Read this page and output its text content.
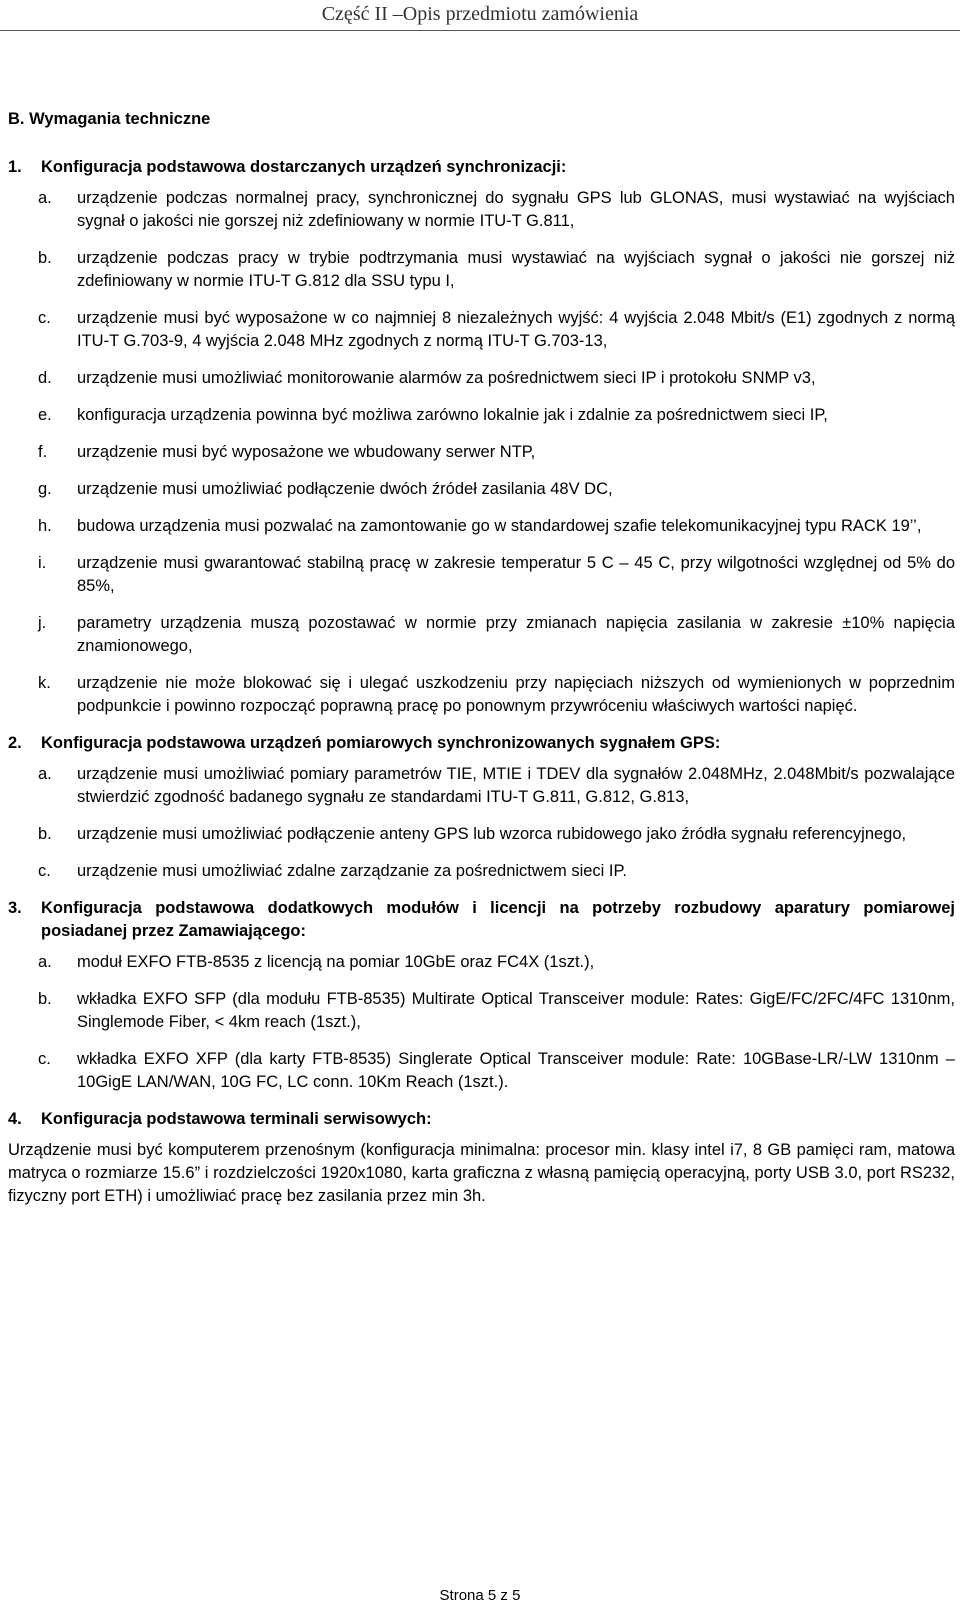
Część II –Opis przedmiotu zamówienia
B. Wymagania techniczne
1.	Konfiguracja podstawowa dostarczanych urządzeń synchronizacji:
a.	urządzenie podczas normalnej pracy, synchronicznej do sygnału GPS lub GLONAS, musi wystawiać na wyjściach sygnał o jakości nie gorszej niż zdefiniowany w normie ITU-T G.811,
b.	urządzenie podczas pracy w trybie podtrzymania musi wystawiać na wyjściach sygnał o jakości nie gorszej niż zdefiniowany w normie ITU-T G.812 dla SSU typu I,
c.	urządzenie musi być wyposażone w co najmniej 8 niezależnych wyjść: 4 wyjścia 2.048 Mbit/s (E1) zgodnych z normą ITU-T G.703-9, 4 wyjścia 2.048 MHz zgodnych z normą ITU-T G.703-13,
d.	urządzenie musi umożliwiać monitorowanie alarmów za pośrednictwem sieci IP i protokołu SNMP v3,
e.	konfiguracja urządzenia powinna być możliwa zarówno lokalnie jak i zdalnie za pośrednictwem sieci IP,
f.	urządzenie musi być wyposażone we wbudowany serwer NTP,
g.	urządzenie musi umożliwiać podłączenie dwóch źródeł zasilania 48V DC,
h.	budowa urządzenia musi pozwalać na zamontowanie go w standardowej szafie telekomunikacyjnej typu RACK 19’’,
i.	urządzenie musi gwarantować stabilną pracę w zakresie temperatur 5 C – 45 C, przy wilgotności względnej od 5% do 85%,
j.	parametry urządzenia muszą pozostawać w normie przy zmianach napięcia zasilania w zakresie ±10% napięcia znamionowego,
k.	urządzenie nie może blokować się i ulegać uszkodzeniu przy napięciach niższych od wymienionych w poprzednim podpunkcie i powinno rozpocząć poprawną pracę po ponownym przywróceniu właściwych wartości napięć.
2.	Konfiguracja podstawowa urządzeń pomiarowych synchronizowanych sygnałem GPS:
a.	urządzenie musi umożliwiać pomiary parametrów TIE, MTIE i TDEV dla sygnałów 2.048MHz, 2.048Mbit/s pozwalające stwierdzić zgodność badanego sygnału ze standardami ITU-T G.811, G.812, G.813,
b.	urządzenie musi umożliwiać podłączenie anteny GPS lub wzorca rubidowego jako źródła sygnału referencyjnego,
c.	urządzenie musi umożliwiać zdalne zarządzanie za pośrednictwem sieci IP.
3.	Konfiguracja podstawowa dodatkowych modułów i licencji na potrzeby rozbudowy aparatury pomiarowej posiadanej przez Zamawiającego:
a.	moduł EXFO FTB-8535 z licencją na pomiar 10GbE oraz FC4X (1szt.),
b.	wkładka EXFO SFP (dla modułu FTB-8535) Multirate Optical Transceiver module: Rates: GigE/FC/2FC/4FC 1310nm, Singlemode Fiber, < 4km reach (1szt.),
c.	wkładka EXFO XFP (dla karty FTB-8535) Singlerate Optical Transceiver module: Rate: 10GBase-LR/-LW 1310nm – 10GigE LAN/WAN, 10G FC, LC conn. 10Km Reach (1szt.).
4.	Konfiguracja podstawowa terminali serwisowych:
Urządzenie musi być komputerem przenośnym (konfiguracja minimalna: procesor min. klasy intel i7, 8 GB pamięci ram, matowa matryca o rozmiarze 15.6” i rozdzielczości 1920x1080, karta graficzna z własną pamięcią operacyjną, porty USB 3.0, port RS232, fizyczny port ETH) i umożliwiać pracę bez zasilania przez min 3h.
Strona 5 z 5
